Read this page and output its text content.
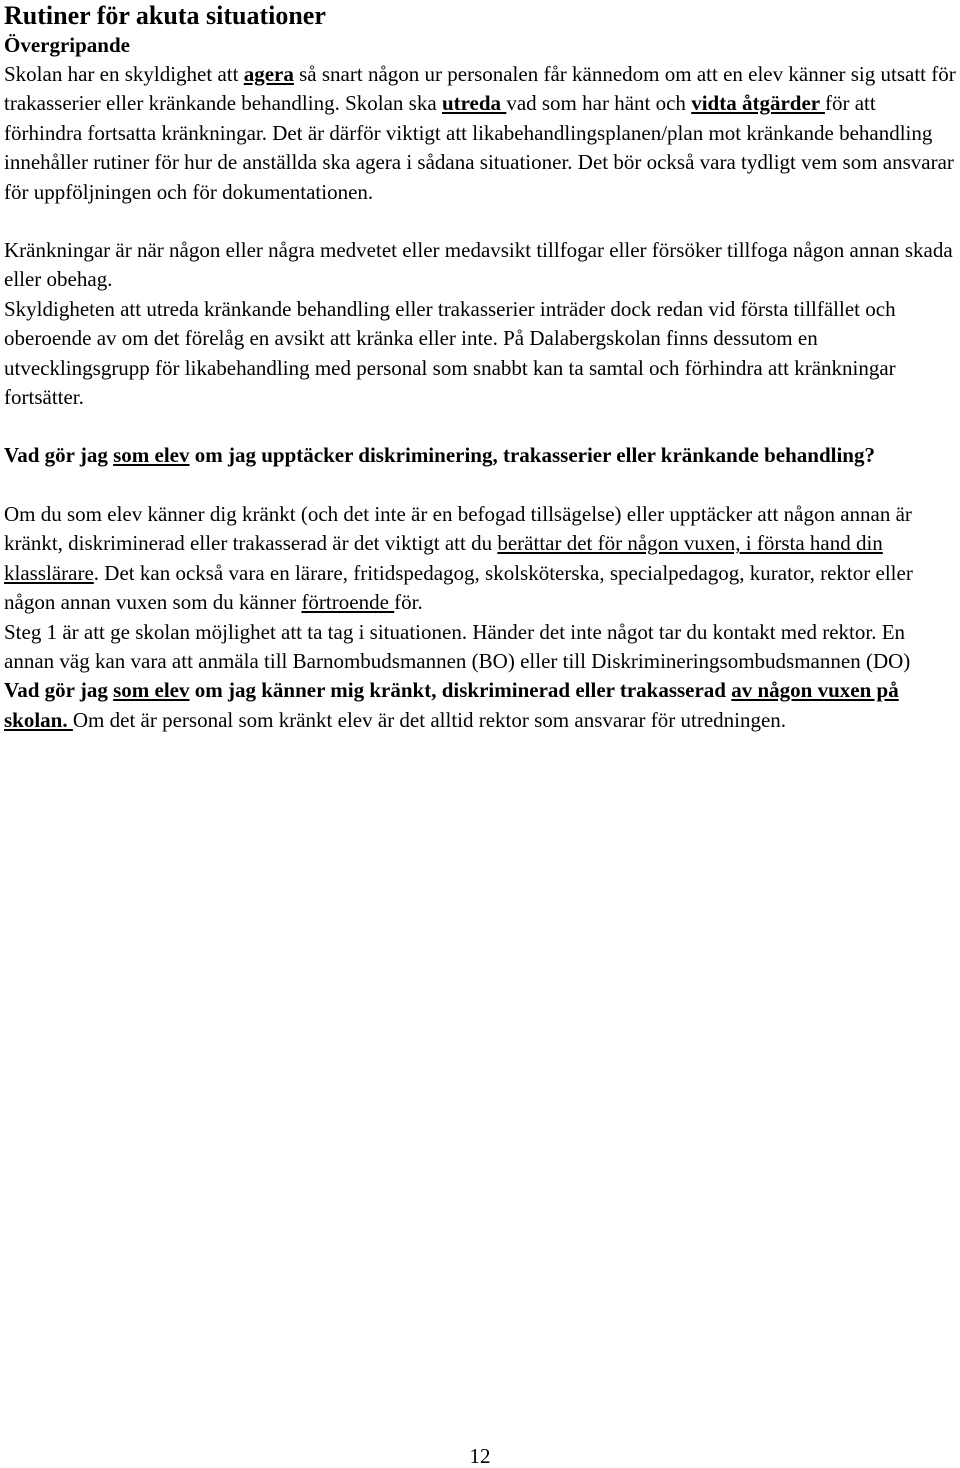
Rutiner för akuta situationer
Övergripande

Skolan har en skyldighet att agera så snart någon ur personalen får kännedom om att en elev känner sig utsatt för trakasserier eller kränkande behandling. Skolan ska utreda vad som har hänt och vidta åtgärder för att förhindra fortsatta kränkningar. Det är därför viktigt att likabehandlingsplanen/plan mot kränkande behandling innehåller rutiner för hur de anställda ska agera i sådana situationer. Det bör också vara tydligt vem som ansvarar för uppföljningen och för dokumentationen.

Kränkningar är när någon eller några medvetet eller medavsikt tillfogar eller försöker tillfoga någon annan skada eller obehag.

Skyldigheten att utreda kränkande behandling eller trakasserier inträder dock redan vid första tillfället och oberoende av om det förelåg en avsikt att kränka eller inte. På Dalabergskolan finns dessutom en utvecklingsgrupp för likabehandling med personal som snabbt kan ta samtal och förhindra att kränkningar fortsätter.

Vad gör jag som elev om jag upptäcker diskriminering, trakasserier eller kränkande behandling?

Om du som elev känner dig kränkt (och det inte är en befogad tillsägelse) eller upptäcker att någon annan är kränkt, diskriminerad eller trakasserad är det viktigt att du berättar det för någon vuxen, i första hand din klasslärare. Det kan också vara en lärare, fritidspedagog, skolsköterska, specialpedagog, kurator, rektor eller någon annan vuxen som du känner förtroende för.

Steg 1 är att ge skolan möjlighet att ta tag i situationen. Händer det inte något tar du kontakt med rektor. En annan väg kan vara att anmäla till Barnombudsmannen (BO) eller till Diskrimineringsombudsmannen (DO)

Vad gör jag som elev om jag känner mig kränkt, diskriminerad eller trakasserad av någon vuxen på skolan. Om det är personal som kränkt elev är det alltid rektor som ansvarar för utredningen.

12
